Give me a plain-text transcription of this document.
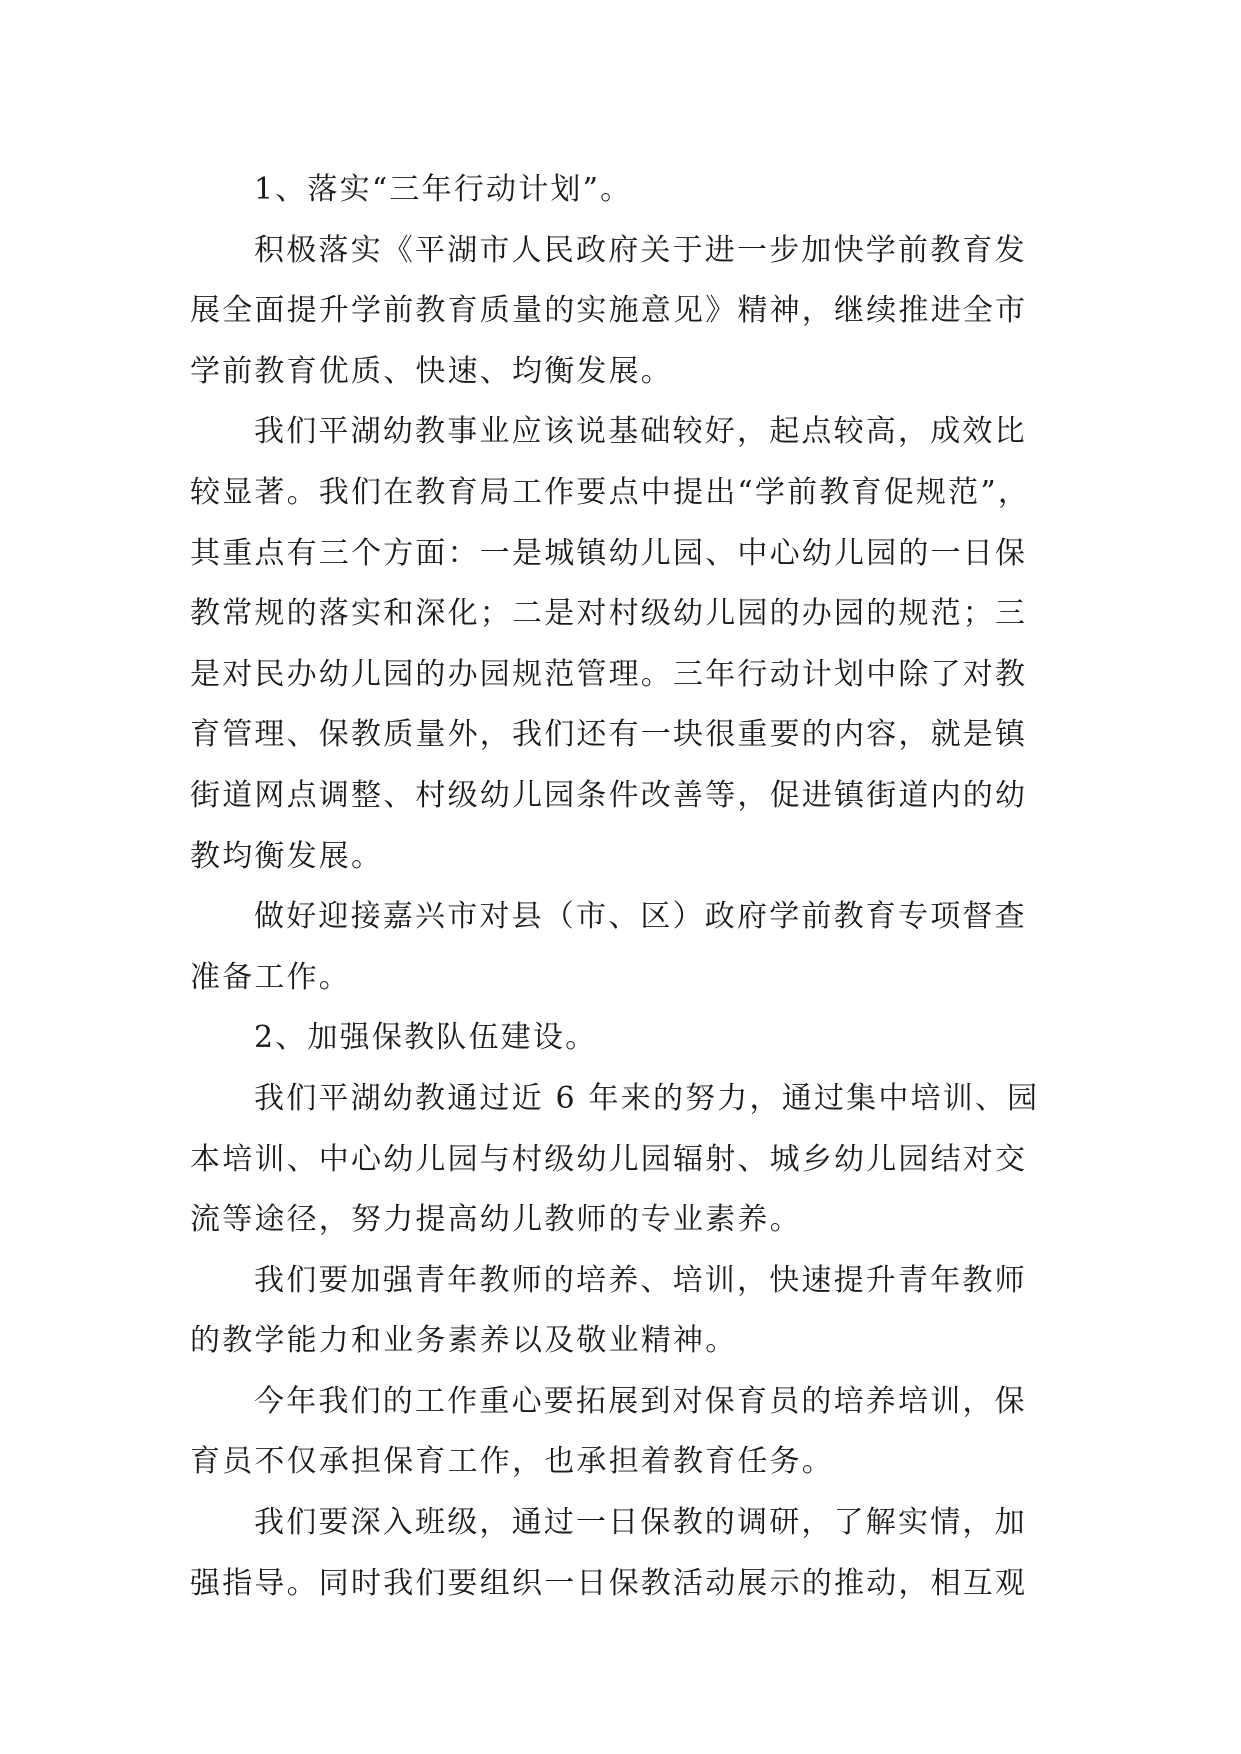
1、落实“三年行动计划”。
积极落实《平湖市人民政府关于进一步加快学前教育发
展全面提升学前教育质量的实施意见》精神，继续推进全市
学前教育优质、快速、均衡发展。
我们平湖幼教事业应该说基础较好，起点较高，成效比
较显著。我们在教育局工作要点中提出“学前教育促规范”，
其重点有三个方面：一是城镇幼儿园、中心幼儿园的一日保
教常规的落实和深化；二是对村级幼儿园的办园的规范；三
是对民办幼儿园的办园规范管理。三年行动计划中除了对教
育管理、保教质量外，我们还有一块很重要的内容，就是镇
街道网点调整、村级幼儿园条件改善等，促进镇街道内的幼
教均衡发展。
做好迎接嘉兴市对县（市、区）政府学前教育专项督查
准备工作。
2、加强保教队伍建设。
我们平湖幼教通过近 6 年来的努力，通过集中培训、园
本培训、中心幼儿园与村级幼儿园辐射、城乡幼儿园结对交
流等途径，努力提高幼儿教师的专业素养。
我们要加强青年教师的培养、培训，快速提升青年教师
的教学能力和业务素养以及敬业精神。
今年我们的工作重心要拓展到对保育员的培养培训，保
育员不仅承担保育工作，也承担着教育任务。
我们要深入班级，通过一日保教的调研，了解实情，加
强指导。同时我们要组织一日保教活动展示的推动，相互观
